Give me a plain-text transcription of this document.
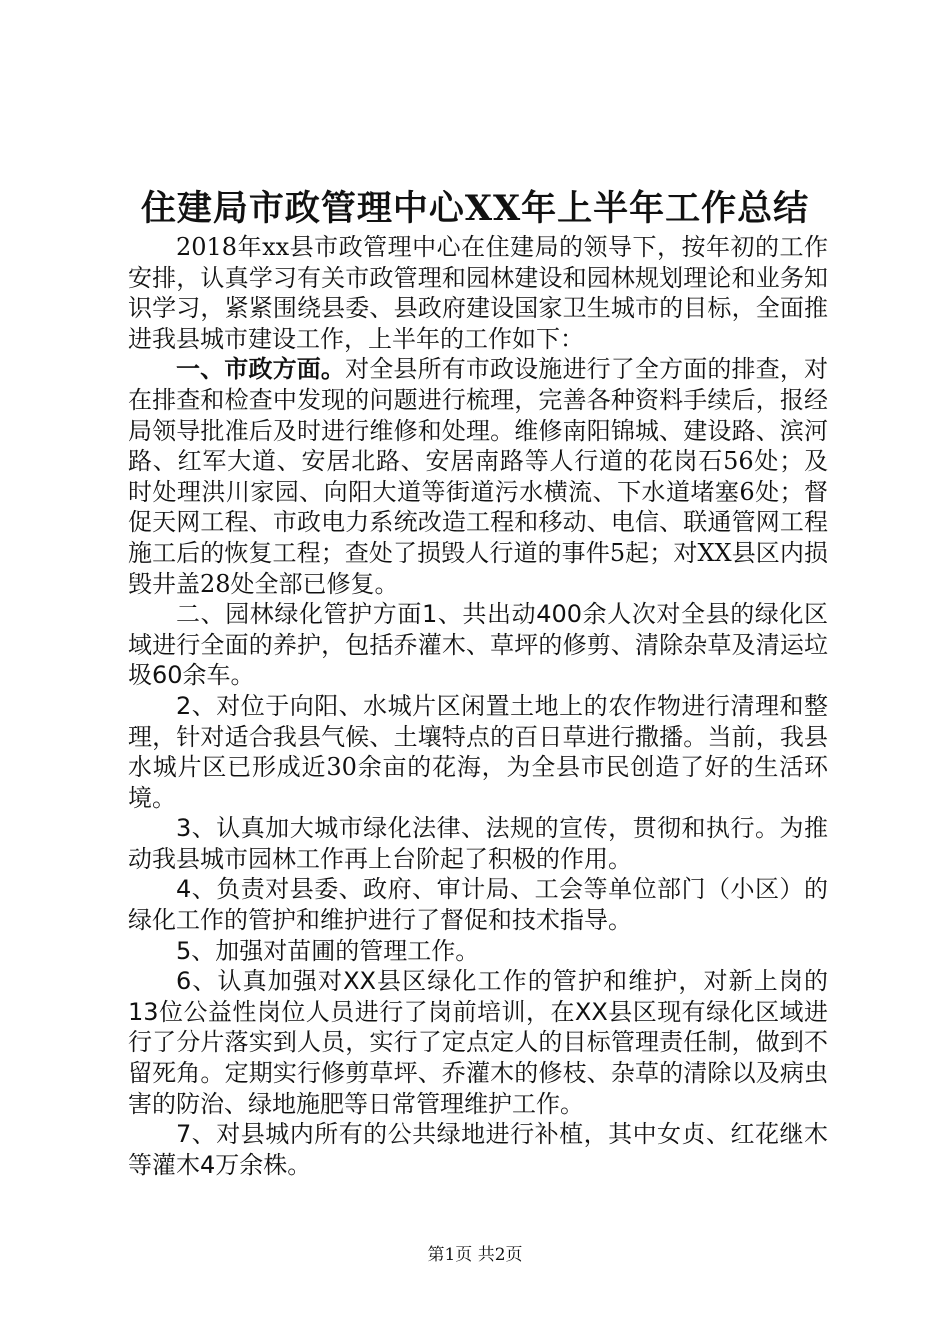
住建局市政管理中心XX年上半年工作总结

2018年xx县市政管理中心在住建局的领导下，按年初的工作安排，认真学习有关市政管理和园林建设和园林规划理论和业务知识学习，紧紧围绕县委、县政府建设国家卫生城市的目标，全面推进我县城市建设工作，上半年的工作如下：

一、市政方面。对全县所有市政设施进行了全方面的排查，对在排查和检查中发现的问题进行梳理，完善各种资料手续后，报经局领导批准后及时进行维修和处理。维修南阳锦城、建设路、滨河路、红军大道、安居北路、安居南路等人行道的花岗石56处；及时处理洪川家园、向阳大道等街道污水横流、下水道堵塞6处；督促天网工程、市政电力系统改造工程和移动、电信、联通管网工程施工后的恢复工程；查处了损毁人行道的事件5起；对XX县区内损毁井盖28处全部已修复。

二、园林绿化管护方面1、共出动400余人次对全县的绿化区域进行全面的养护，包括乔灌木、草坪的修剪、清除杂草及清运垃圾60余车。

2、对位于向阳、水城片区闲置土地上的农作物进行清理和整理，针对适合我县气候、土壤特点的百日草进行撒播。当前，我县水城片区已形成近30余亩的花海，为全县市民创造了好的生活环境。

3、认真加大城市绿化法律、法规的宣传，贯彻和执行。为推动我县城市园林工作再上台阶起了积极的作用。

4、负责对县委、政府、审计局、工会等单位部门（小区）的绿化工作的管护和维护进行了督促和技术指导。

5、加强对苗圃的管理工作。

6、认真加强对XX县区绿化工作的管护和维护，对新上岗的13位公益性岗位人员进行了岗前培训，在XX县区现有绿化区域进行了分片落实到人员，实行了定点定人的目标管理责任制，做到不留死角。定期实行修剪草坪、乔灌木的修枝、杂草的清除以及病虫害的防治、绿地施肥等日常管理维护工作。

7、对县城内所有的公共绿地进行补植，其中女贞、红花继木等灌木4万余株。

第1页 共2页
